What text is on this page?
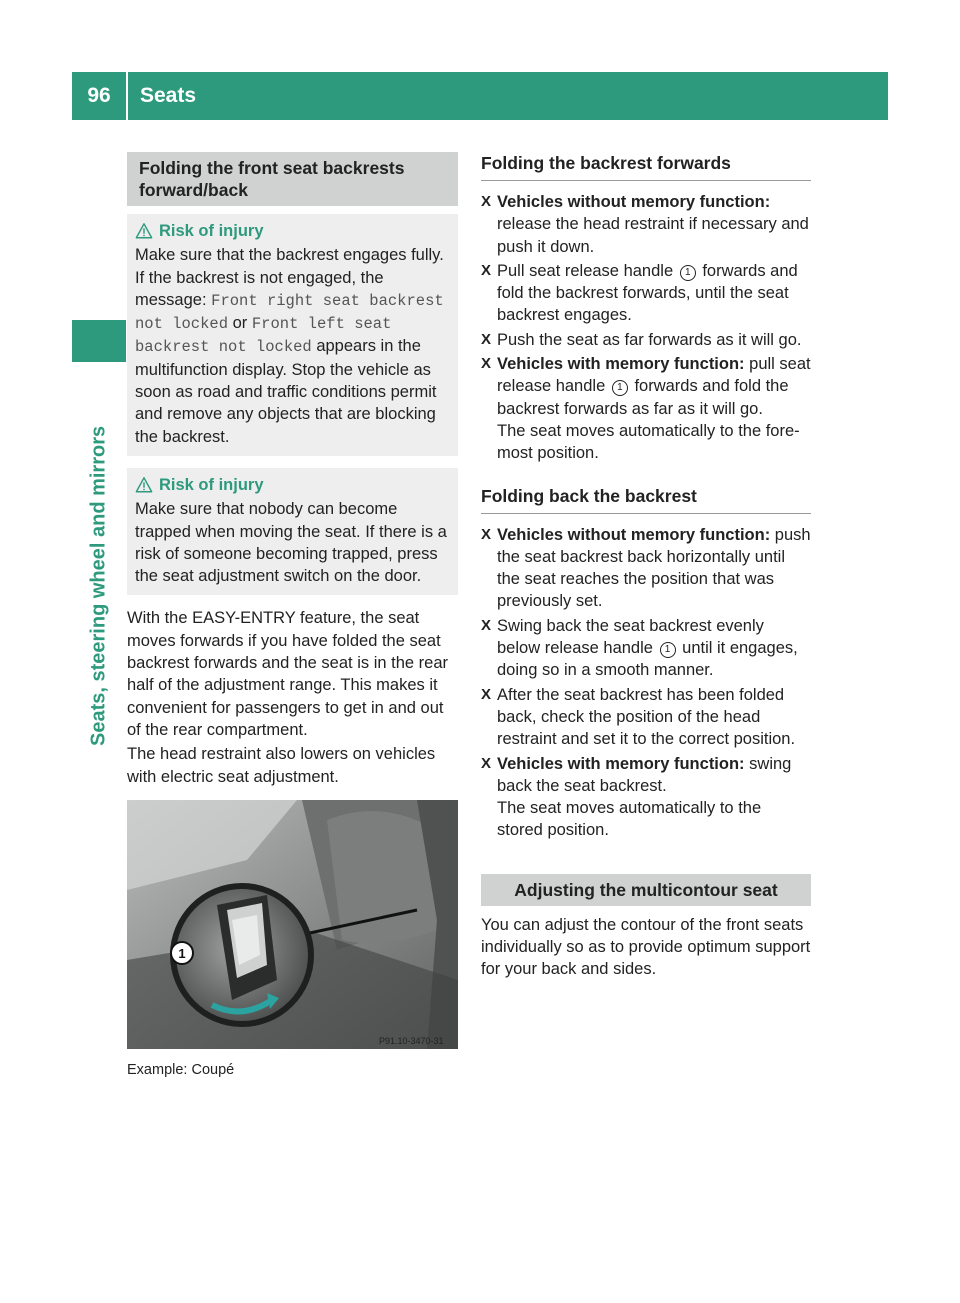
96	Seats
Seats, steering wheel and mirrors
Folding the front seat backrests
forward/back
Risk of injury

Make sure that the backrest engages fully. If the backrest is not engaged, the message: Front right seat backrest not locked or Front left seat backrest not locked appears in the multifunction display. Stop the vehicle as soon as road and traffic conditions permit and remove any objects that are blocking the backrest.

Risk of injury

Make sure that nobody can become trapped when moving the seat. If there is a risk of someone becoming trapped, press the seat adjustment switch on the door.

With the EASY-ENTRY feature, the seat moves forwards if you have folded the seat backrest forwards and the seat is in the rear half of the adjustment range. This makes it convenient for passengers to get in and out of the rear compartment.

The head restraint also lowers on vehicles with electric seat adjustment.

1
P91.10-3470-31
Example: Coupé
Folding the backrest forwards
X Vehicles without memory function: release the head restraint if necessary and push it down.
X Pull seat release handle 1 forwards and fold the backrest forwards, until the seat backrest engages.
X Push the seat as far forwards as it will go.
X Vehicles with memory function: pull seat release handle 1 forwards and fold the backrest forwards as far as it will go.
The seat moves automatically to the fore-most position.
Folding back the backrest
X Vehicles without memory function: push the seat backrest back horizontally until the seat reaches the position that was previously set.
X Swing back the seat backrest evenly below release handle 1 until it engages, doing so in a smooth manner.
X After the seat backrest has been folded back, check the position of the head restraint and set it to the correct position.
X Vehicles with memory function: swing back the seat backrest.
The seat moves automatically to the stored position.
Adjusting the multicontour seat

You can adjust the contour of the front seats individually so as to provide optimum support for your back and sides.
